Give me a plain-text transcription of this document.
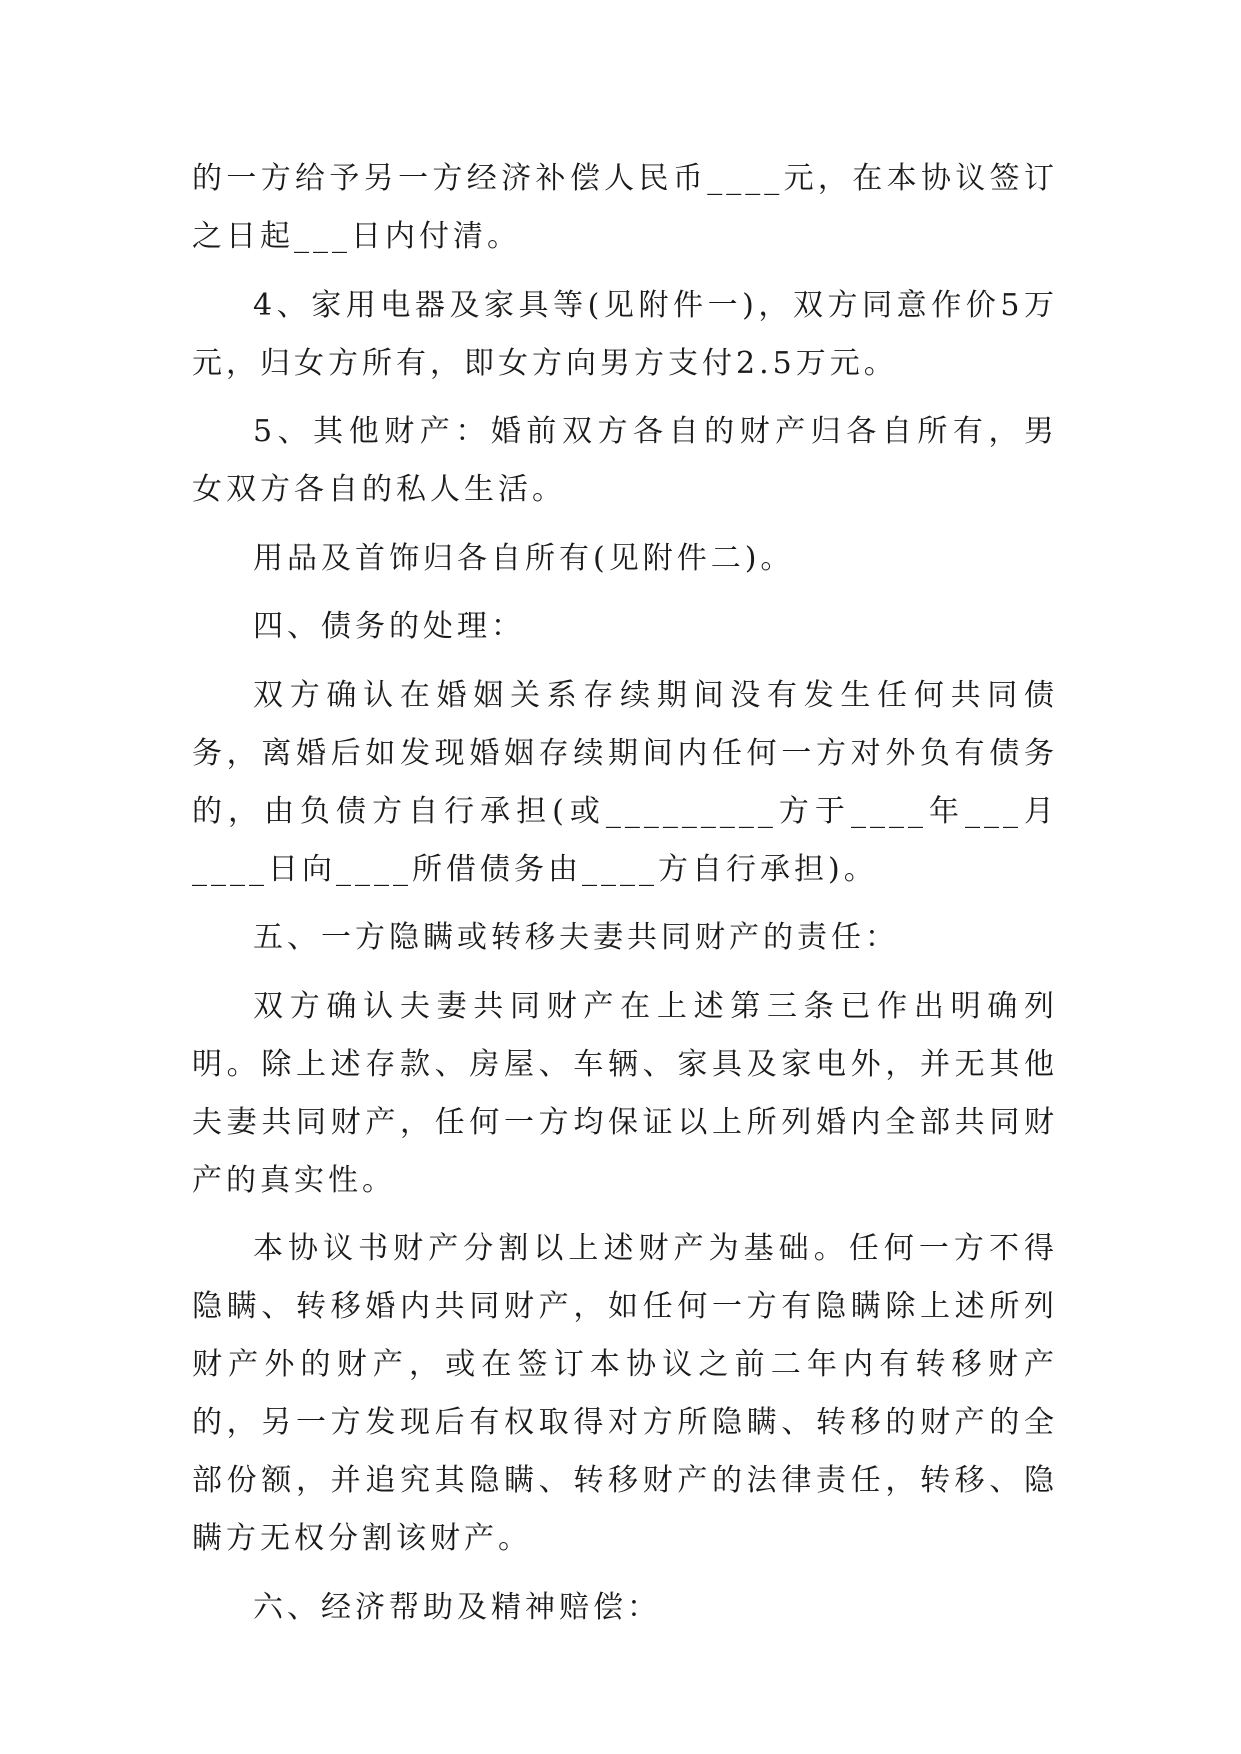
的一方给予另一方经济补偿人民币____元，在本协议签订之日起___日内付清。

4、家用电器及家具等(见附件一)，双方同意作价5万元，归女方所有，即女方向男方支付2.5万元。

5、其他财产：婚前双方各自的财产归各自所有，男女双方各自的私人生活。

用品及首饰归各自所有(见附件二)。

四、债务的处理：

双方确认在婚姻关系存续期间没有发生任何共同债务，离婚后如发现婚姻存续期间内任何一方对外负有债务的，由负债方自行承担(或_________方于____年___月____日向____所借债务由____方自行承担)。

五、一方隐瞒或转移夫妻共同财产的责任：

双方确认夫妻共同财产在上述第三条已作出明确列明。除上述存款、房屋、车辆、家具及家电外，并无其他夫妻共同财产，任何一方均保证以上所列婚内全部共同财产的真实性。

本协议书财产分割以上述财产为基础。任何一方不得隐瞒、转移婚内共同财产，如任何一方有隐瞒除上述所列财产外的财产，或在签订本协议之前二年内有转移财产的，另一方发现后有权取得对方所隐瞒、转移的财产的全部份额，并追究其隐瞒、转移财产的法律责任，转移、隐瞒方无权分割该财产。

六、经济帮助及精神赔偿：
